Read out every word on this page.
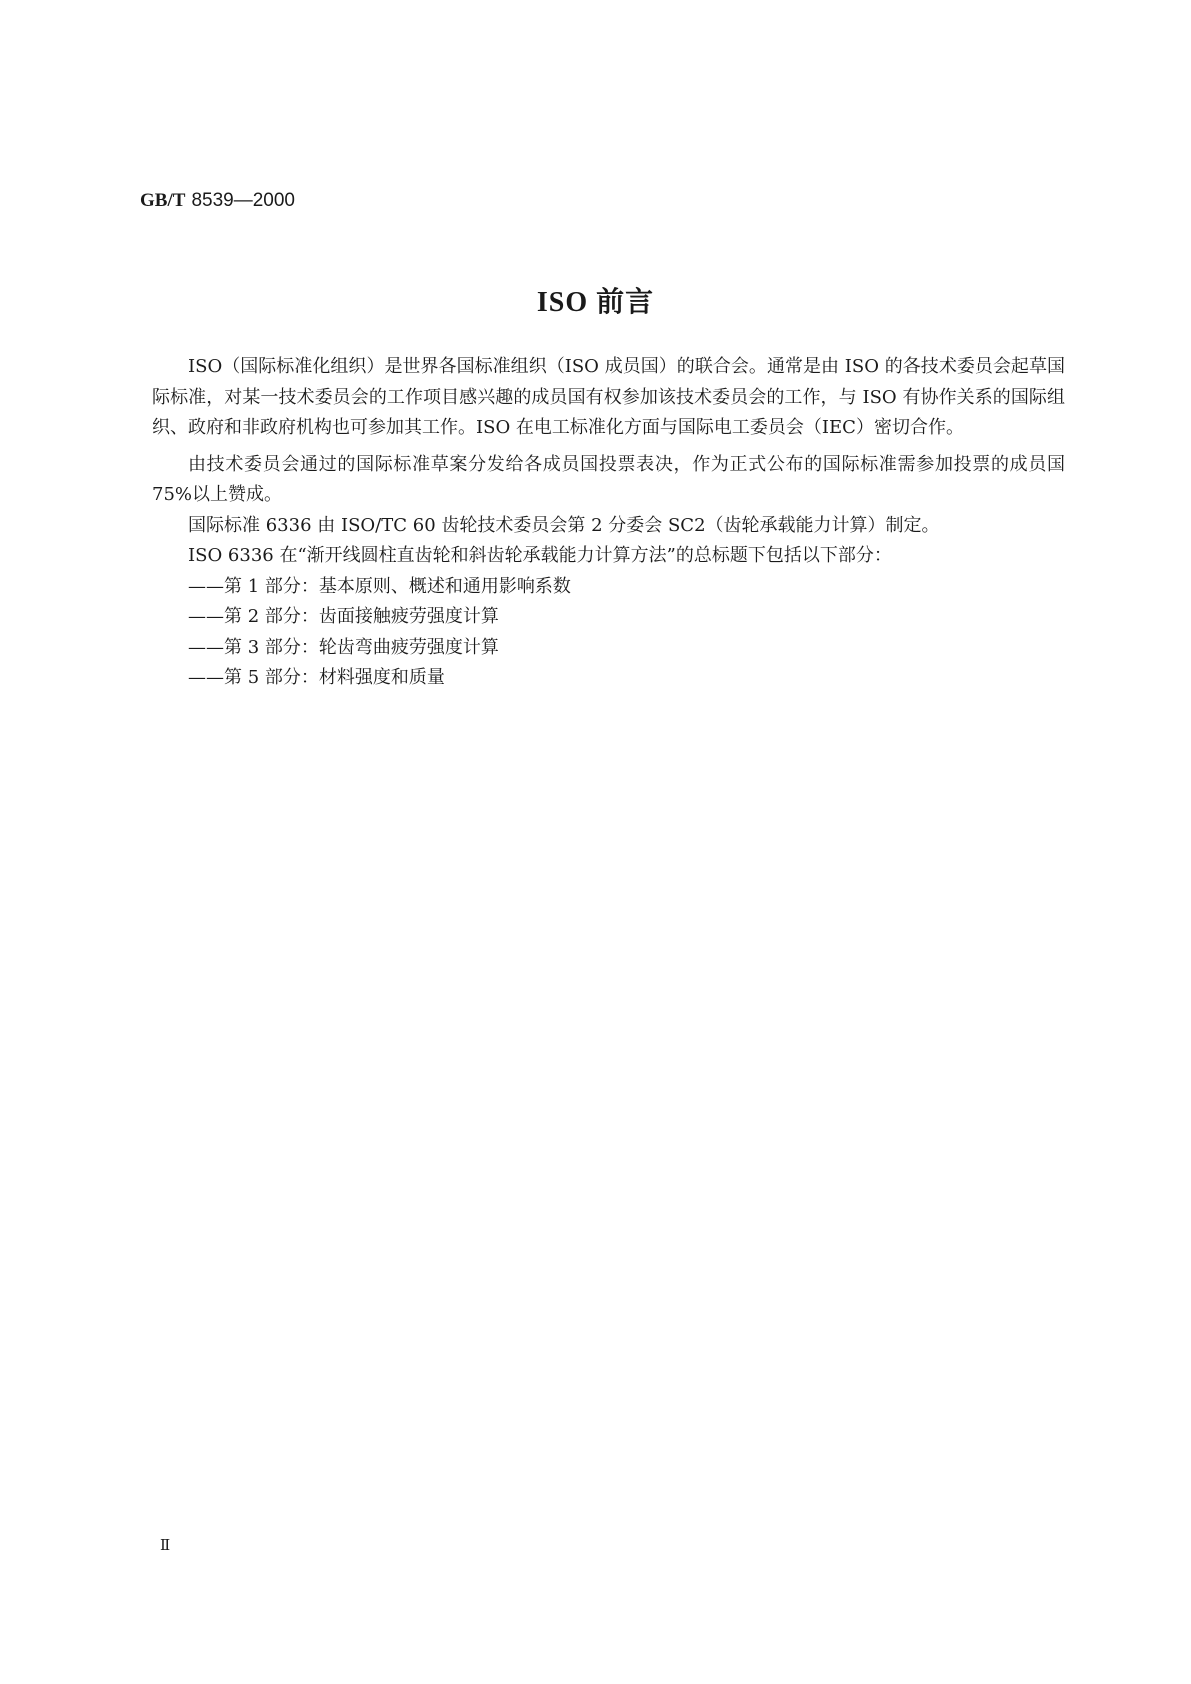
GB/T 8539—2000
ISO 前言

ISO（国际标准化组织）是世界各国标准组织（ISO 成员国）的联合会。通常是由 ISO 的各技术委员会起草国际标准，对某一技术委员会的工作项目感兴趣的成员国有权参加该技术委员会的工作，与 ISO 有协作关系的国际组织、政府和非政府机构也可参加其工作。ISO 在电工标准化方面与国际电工委员会（IEC）密切合作。

由技术委员会通过的国际标准草案分发给各成员国投票表决，作为正式公布的国际标准需参加投票的成员国 75%以上赞成。

国际标准 6336 由 ISO/TC 60 齿轮技术委员会第 2 分委会 SC2（齿轮承载能力计算）制定。

ISO 6336 在“渐开线圆柱直齿轮和斜齿轮承载能力计算方法”的总标题下包括以下部分：

——第 1 部分：基本原则、概述和通用影响系数
——第 2 部分：齿面接触疲劳强度计算
——第 3 部分：轮齿弯曲疲劳强度计算
——第 5 部分：材料强度和质量
Ⅱ
